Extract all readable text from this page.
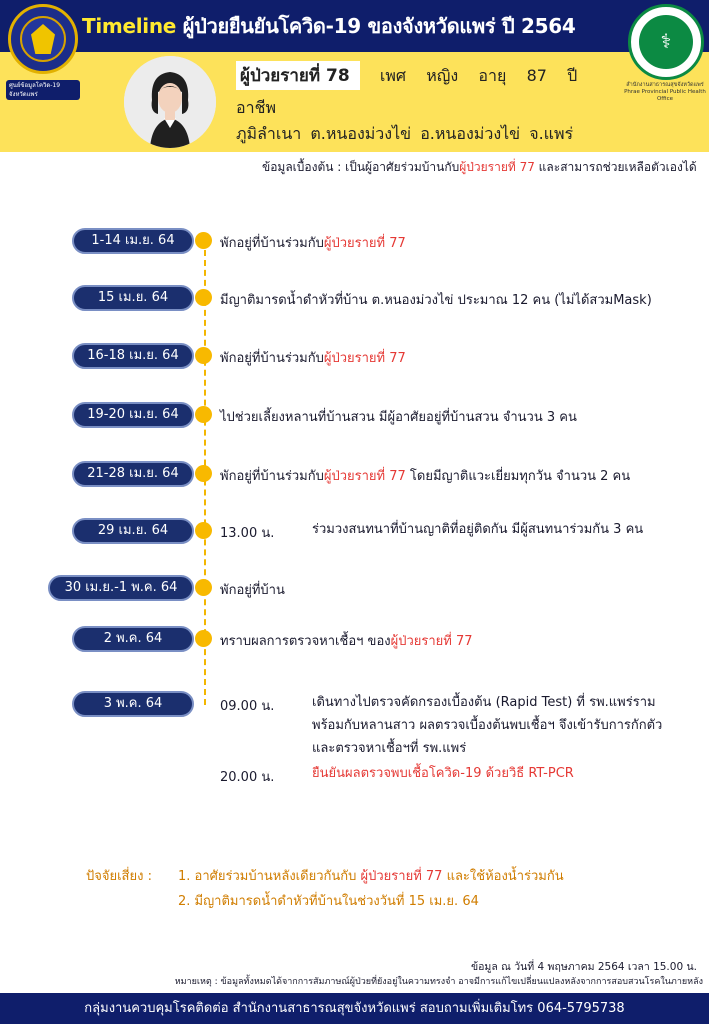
Timeline ผู้ป่วยยืนยันโควิด-19 ของจังหวัดแพร่ ปี 2564
ศูนย์ข้อมูลโควิด-19 จังหวัดแพร่
ผู้ป่วยรายที่ 78 เพศ หญิง อายุ 87 ปี
อาชีพ
ภูมิลำเนา ต.หนองม่วงไข่ อ.หนองม่วงไข่ จ.แพร่
⚕
สำนักงานสาธารณสุขจังหวัดแพร่ Phrae Provincial Public Health Office
ข้อมูลเบื้องต้น : เป็นผู้อาศัยร่วมบ้านกับผู้ป่วยรายที่ 77 และสามารถช่วยเหลือตัวเองได้
1-14 เม.ย. 64	พักอยู่ที่บ้านร่วมกับผู้ป่วยรายที่ 77
15 เม.ย. 64	มีญาติมารดน้ำดำหัวที่บ้าน ต.หนองม่วงไข่ ประมาณ 12 คน (ไม่ได้สวมMask)
16-18 เม.ย. 64	พักอยู่ที่บ้านร่วมกับผู้ป่วยรายที่ 77
19-20 เม.ย. 64	ไปช่วยเลี้ยงหลานที่บ้านสวน มีผู้อาศัยอยู่ที่บ้านสวน จำนวน 3 คน
21-28 เม.ย. 64	พักอยู่ที่บ้านร่วมกับผู้ป่วยรายที่ 77 โดยมีญาติแวะเยี่ยมทุกวัน จำนวน 2 คน
29 เม.ย. 64	13.00 น.	ร่วมวงสนทนาที่บ้านญาติที่อยู่ติดกัน มีผู้สนทนาร่วมกัน 3 คน
30 เม.ย.-1 พ.ค. 64	พักอยู่ที่บ้าน
2 พ.ค. 64	ทราบผลการตรวจหาเชื้อฯ ของผู้ป่วยรายที่ 77
3 พ.ค. 64	09.00 น.	เดินทางไปตรวจคัดกรองเบื้องต้น (Rapid Test) ที่ รพ.แพร่ราม
พร้อมกับหลานสาว ผลตรวจเบื้องต้นพบเชื้อฯ จึงเข้ารับการกักตัว
และตรวจหาเชื้อฯที่ รพ.แพร่
20.00 น.	ยืนยันผลตรวจพบเชื้อโควิด-19 ด้วยวิธี RT-PCR
ปัจจัยเสี่ยง : 1. อาศัยร่วมบ้านหลังเดียวกันกับ ผู้ป่วยรายที่ 77 และใช้ห้องน้ำร่วมกัน
2. มีญาติมารดน้ำดำหัวที่บ้านในช่วงวันที่ 15 เม.ย. 64
ข้อมูล ณ วันที่ 4 พฤษภาคม 2564 เวลา 15.00 น.
หมายเหตุ : ข้อมูลทั้งหมดได้จากการสัมภาษณ์ผู้ป่วยที่ยังอยู่ในความทรงจำ อาจมีการแก้ไขเปลี่ยนแปลงหลังจากการสอบสวนโรคในภายหลัง
กลุ่มงานควบคุมโรคติดต่อ สำนักงานสาธารณสุขจังหวัดแพร่ สอบถามเพิ่มเติมโทร 064-5795738
